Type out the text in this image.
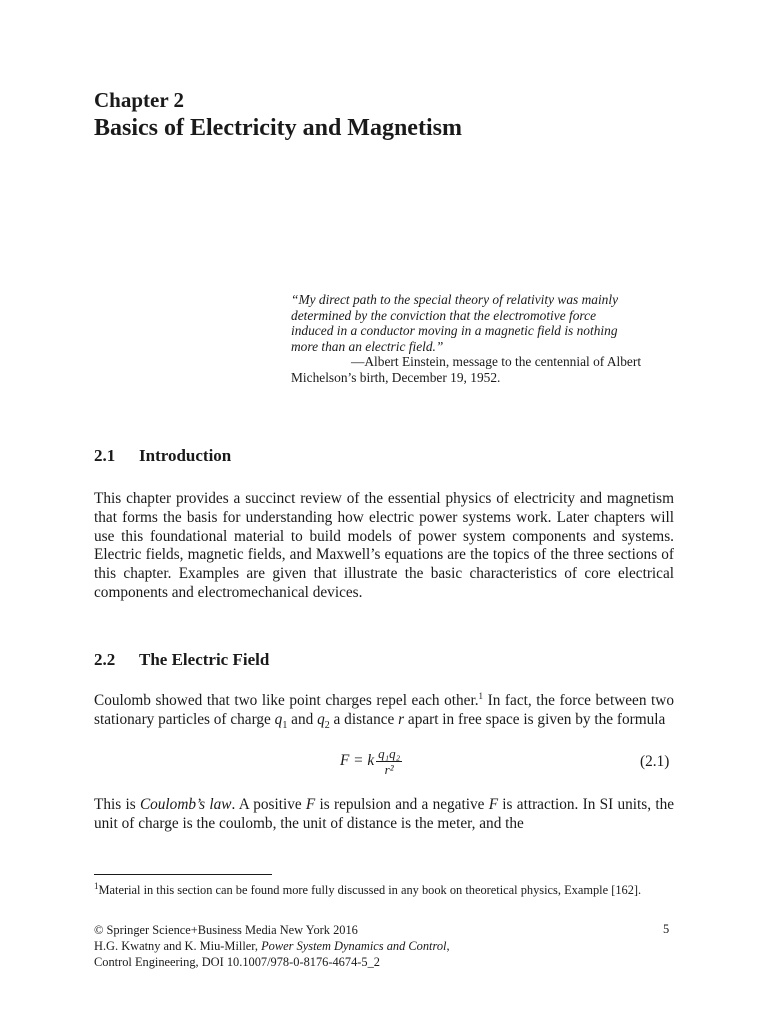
Chapter 2
Basics of Electricity and Magnetism
“My direct path to the special theory of relativity was mainly
determined by the conviction that the electromotive force
induced in a conductor moving in a magnetic field is nothing
more than an electric field.”
—Albert Einstein, message to the centennial of Albert
Michelson’s birth, December 19, 1952.
2.1 Introduction

This chapter provides a succinct review of the essential physics of electricity and magnetism that forms the basis for understanding how electric power systems work. Later chapters will use this foundational material to build models of power system components and systems. Electric fields, magnetic fields, and Maxwell’s equations are the topics of the three sections of this chapter. Examples are given that illustrate the basic characteristics of core electrical components and electromechanical devices.

2.2 The Electric Field

Coulomb showed that two like point charges repel each other.$^1$ In fact, the force between two stationary particles of charge $q_1$ and $q_2$ a distance r apart in free space is given by the formula

F = k $\frac{\text{q₁q₂}}{\text{r²}}$	(2.1)

This is Coulomb’s law. A positive F is repulsion and a negative F is attraction. In SI units, the unit of charge is the coulomb, the unit of distance is the meter, and the

$^1$Material in this section can be found more fully discussed in any book on theoretical physics, Example [162].
© Springer Science+Business Media New York 2016
H.G. Kwatny and K. Miu-Miller, Power System Dynamics and Control,
Control Engineering, DOI 10.1007/978-0-8176-4674-5_2
5
